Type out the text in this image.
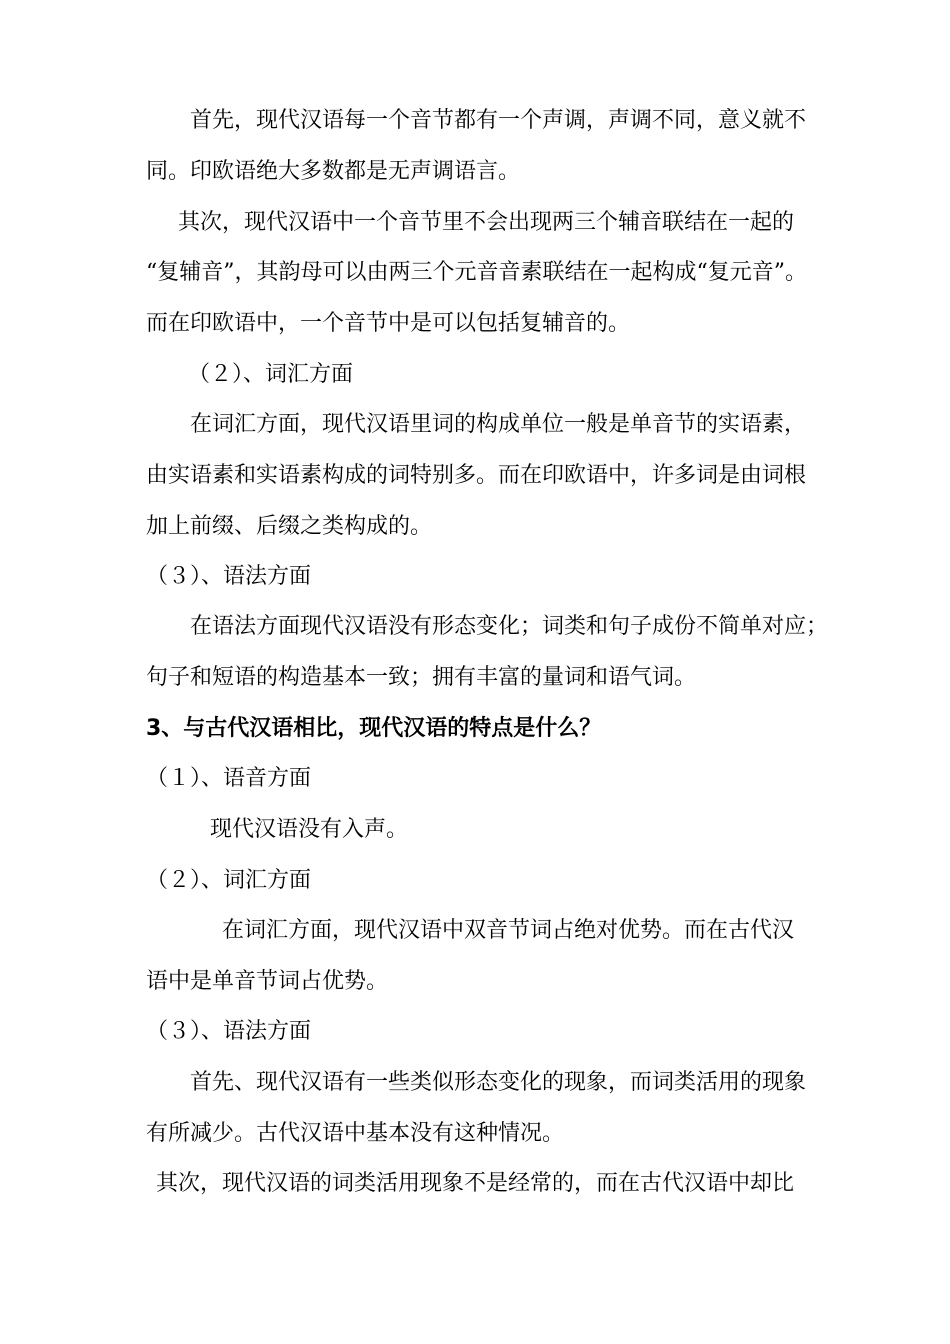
首先，现代汉语每一个音节都有一个声调，声调不同，意义就不
同。印欧语绝大多数都是无声调语言。
其次，现代汉语中一个音节里不会出现两三个辅音联结在一起的
“复辅音”，其韵母可以由两三个元音音素联结在一起构成“复元音”。
而在印欧语中，一个音节中是可以包括复辅音的。
（２）、词汇方面
在词汇方面，现代汉语里词的构成单位一般是单音节的实语素，
由实语素和实语素构成的词特别多。而在印欧语中，许多词是由词根
加上前缀、后缀之类构成的。
（３）、语法方面
在语法方面现代汉语没有形态变化；词类和句子成份不简单对应；
句子和短语的构造基本一致；拥有丰富的量词和语气词。
3、与古代汉语相比，现代汉语的特点是什么？
（１）、语音方面
现代汉语没有入声。
（２）、词汇方面
在词汇方面，现代汉语中双音节词占绝对优势。而在古代汉
语中是单音节词占优势。
（３）、语法方面
首先、现代汉语有一些类似形态变化的现象，而词类活用的现象
有所减少。古代汉语中基本没有这种情况。
其次，现代汉语的词类活用现象不是经常的，而在古代汉语中却比
